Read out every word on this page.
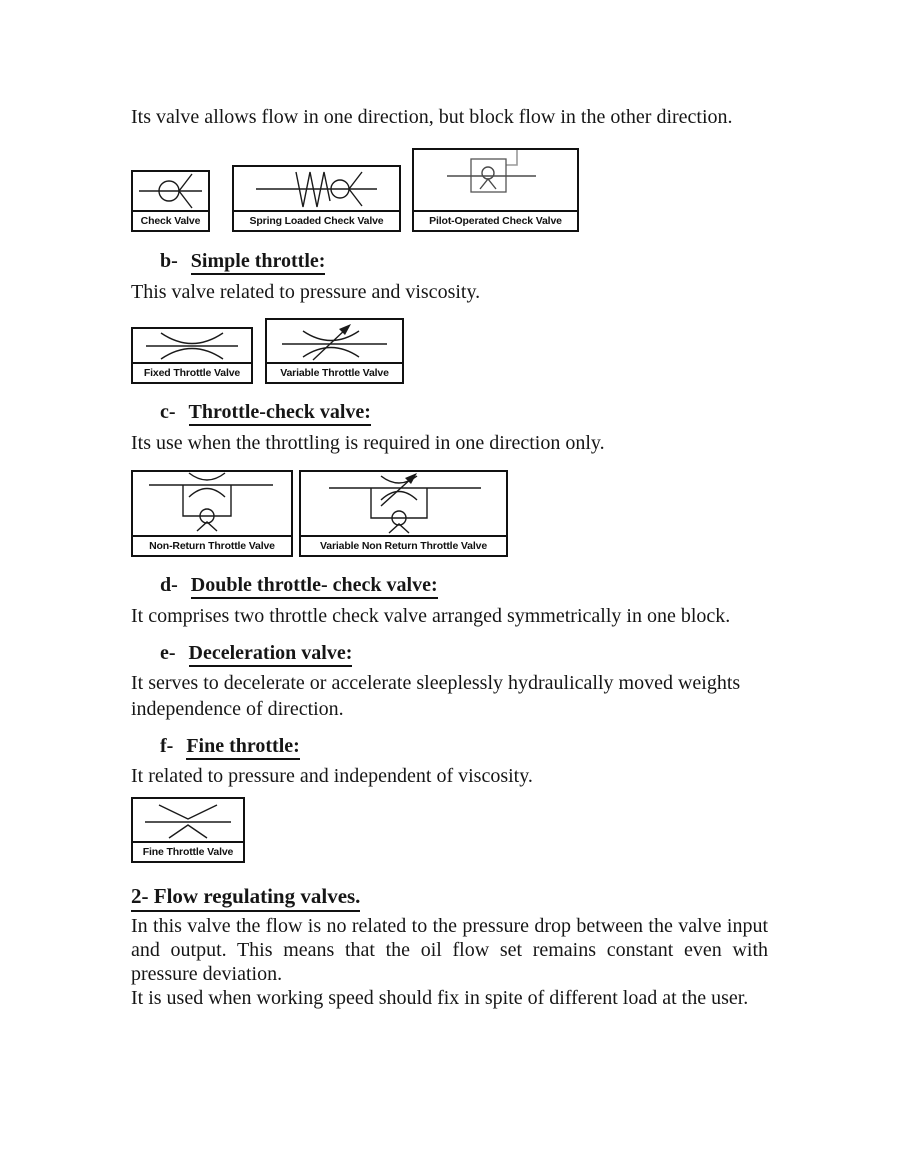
Its valve allows flow in one direction, but block flow in the other direction.

Check Valve	Spring Loaded Check Valve	Pilot-Operated Check Valve
b- Simple throttle:

This valve related to pressure and viscosity.

Fixed Throttle Valve	Variable Throttle Valve
c- Throttle-check valve:

Its use when the throttling is required in one direction only.

Non-Return Throttle Valve	Variable Non Return Throttle Valve
d- Double throttle- check valve:

It comprises two throttle check valve arranged symmetrically in one block.

e- Deceleration valve:

It serves to decelerate or accelerate sleeplessly hydraulically moved weights independence of direction.

f- Fine throttle:

It related to pressure and independent of viscosity.

Fine Throttle Valve
2- Flow regulating valves.

In this valve the flow is no related to the pressure drop between the valve input and output. This means that the oil flow set remains constant even with pressure deviation.

It is used when working speed should fix in spite of different load at the user.
